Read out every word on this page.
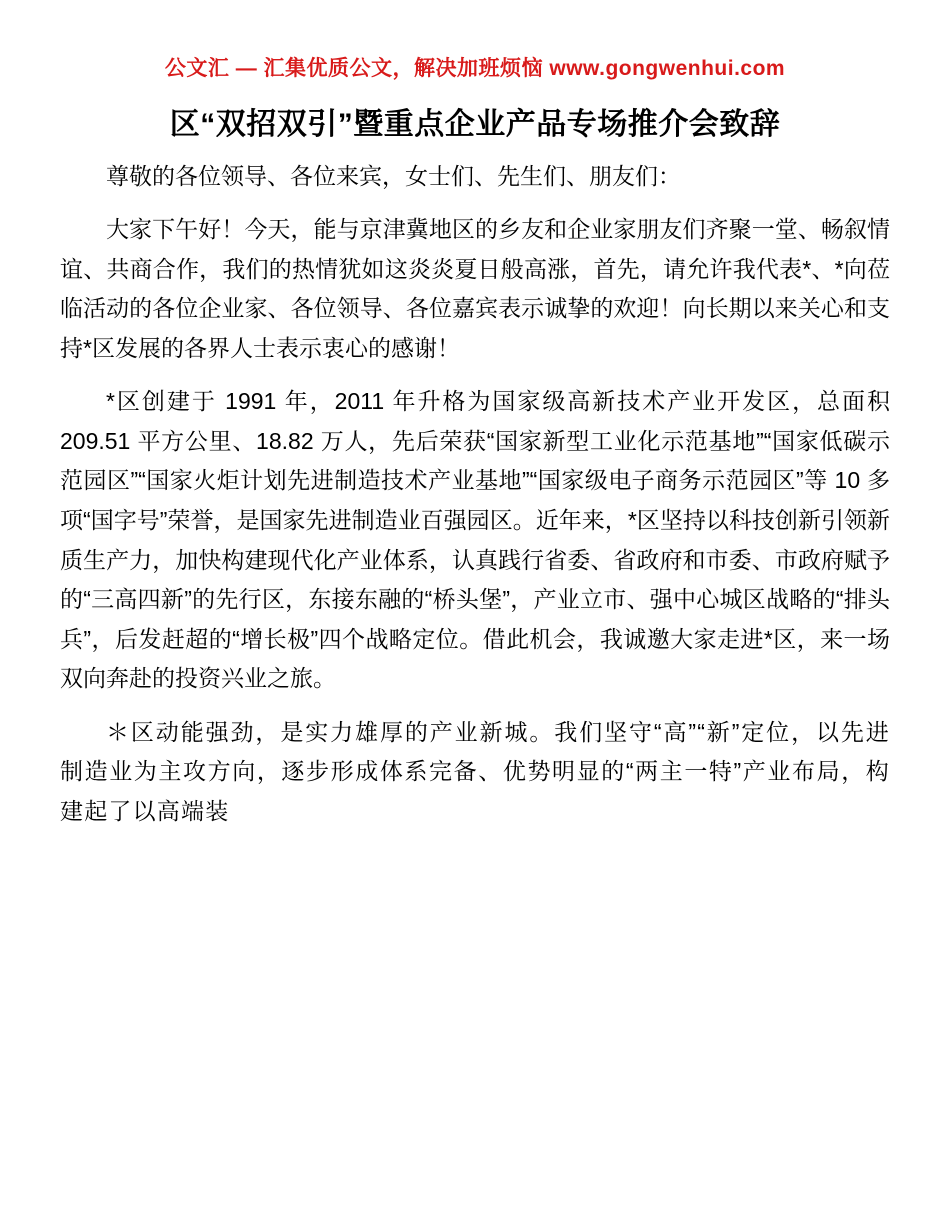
公文汇 — 汇集优质公文，解决加班烦恼 www.gongwenhui.com
区“双招双引”暨重点企业产品专场推介会致辞

尊敬的各位领导、各位来宾，女士们、先生们、朋友们：

大家下午好！今天，能与京津冀地区的乡友和企业家朋友们齐聚一堂、畅叙情谊、共商合作，我们的热情犹如这炎炎夏日般高涨，首先，请允许我代表*、*向莅临活动的各位企业家、各位领导、各位嘉宾表示诚挚的欢迎！向长期以来关心和支持*区发展的各界人士表示衷心的感谢！

*区创建于 1991 年，2011 年升格为国家级高新技术产业开发区，总面积 209.51 平方公里、18.82 万人，先后荣获“国家新型工业化示范基地”“国家低碳示范园区”“国家火炬计划先进制造技术产业基地”“国家级电子商务示范园区”等 10 多项“国字号”荣誉，是国家先进制造业百强园区。近年来，*区坚持以科技创新引领新质生产力，加快构建现代化产业体系，认真践行省委、省政府和市委、市政府赋予的“三高四新”的先行区，东接东融的“桥头堡”，产业立市、强中心城区战略的“排头兵”，后发赶超的“增长极”四个战略定位。借此机会，我诚邀大家走进*区，来一场双向奔赴的投资兴业之旅。

＊区动能强劲，是实力雄厚的产业新城。我们坚守“高”“新”定位，以先进制造业为主攻方向，逐步形成体系完备、优势明显的“两主一特”产业布局，构建起了以高端装
